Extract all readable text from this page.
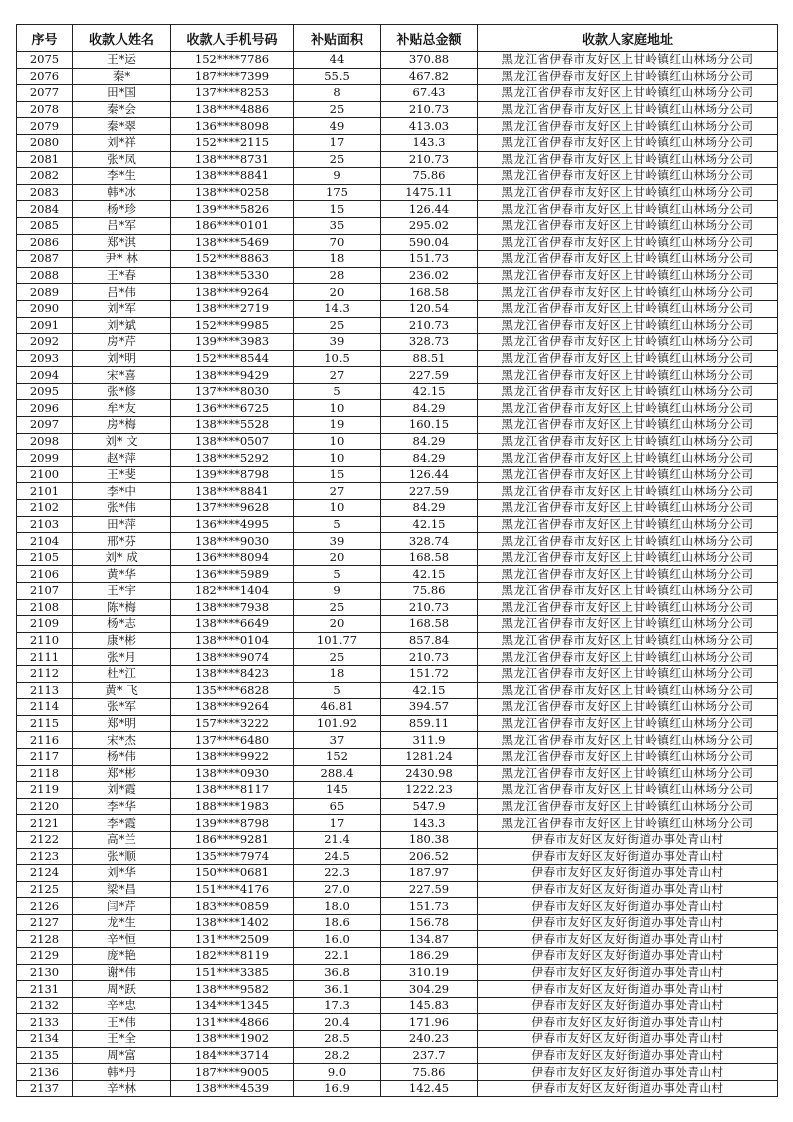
序号	收款人姓名	收款人手机号码	补贴面积	补贴总金额	收款人家庭地址
2075	王*运	152****7786	44	370.88	黑龙江省伊春市友好区上甘岭镇红山林场分公司
2076	秦*	187****7399	55.5	467.82	黑龙江省伊春市友好区上甘岭镇红山林场分公司
2077	田*国	137****8253	8	67.43	黑龙江省伊春市友好区上甘岭镇红山林场分公司
2078	秦*会	138****4886	25	210.73	黑龙江省伊春市友好区上甘岭镇红山林场分公司
2079	秦*翠	136****8098	49	413.03	黑龙江省伊春市友好区上甘岭镇红山林场分公司
2080	刘*祥	152****2115	17	143.3	黑龙江省伊春市友好区上甘岭镇红山林场分公司
2081	张*凤	138****8731	25	210.73	黑龙江省伊春市友好区上甘岭镇红山林场分公司
2082	李*生	138****8841	9	75.86	黑龙江省伊春市友好区上甘岭镇红山林场分公司
2083	韩*冰	138****0258	175	1475.11	黑龙江省伊春市友好区上甘岭镇红山林场分公司
2084	杨*珍	139****5826	15	126.44	黑龙江省伊春市友好区上甘岭镇红山林场分公司
2085	吕*军	186****0101	35	295.02	黑龙江省伊春市友好区上甘岭镇红山林场分公司
2086	郑*淇	138****5469	70	590.04	黑龙江省伊春市友好区上甘岭镇红山林场分公司
2087	尹* 林	152****8863	18	151.73	黑龙江省伊春市友好区上甘岭镇红山林场分公司
2088	王*春	138****5330	28	236.02	黑龙江省伊春市友好区上甘岭镇红山林场分公司
2089	吕*伟	138****9264	20	168.58	黑龙江省伊春市友好区上甘岭镇红山林场分公司
2090	刘*军	138****2719	14.3	120.54	黑龙江省伊春市友好区上甘岭镇红山林场分公司
2091	刘*斌	152****9985	25	210.73	黑龙江省伊春市友好区上甘岭镇红山林场分公司
2092	房*芹	139****3983	39	328.73	黑龙江省伊春市友好区上甘岭镇红山林场分公司
2093	刘*明	152****8544	10.5	88.51	黑龙江省伊春市友好区上甘岭镇红山林场分公司
2094	宋*喜	138****9429	27	227.59	黑龙江省伊春市友好区上甘岭镇红山林场分公司
2095	张*修	137****8030	5	42.15	黑龙江省伊春市友好区上甘岭镇红山林场分公司
2096	牟*友	136****6725	10	84.29	黑龙江省伊春市友好区上甘岭镇红山林场分公司
2097	房*梅	138****5528	19	160.15	黑龙江省伊春市友好区上甘岭镇红山林场分公司
2098	刘* 文	138****0507	10	84.29	黑龙江省伊春市友好区上甘岭镇红山林场分公司
2099	赵*萍	138****5292	10	84.29	黑龙江省伊春市友好区上甘岭镇红山林场分公司
2100	王*斐	139****8798	15	126.44	黑龙江省伊春市友好区上甘岭镇红山林场分公司
2101	李*中	138****8841	27	227.59	黑龙江省伊春市友好区上甘岭镇红山林场分公司
2102	张*伟	137****9628	10	84.29	黑龙江省伊春市友好区上甘岭镇红山林场分公司
2103	田*萍	136****4995	5	42.15	黑龙江省伊春市友好区上甘岭镇红山林场分公司
2104	邢*芬	138****9030	39	328.74	黑龙江省伊春市友好区上甘岭镇红山林场分公司
2105	刘* 成	136****8094	20	168.58	黑龙江省伊春市友好区上甘岭镇红山林场分公司
2106	黄*华	136****5989	5	42.15	黑龙江省伊春市友好区上甘岭镇红山林场分公司
2107	王*宇	182****1404	9	75.86	黑龙江省伊春市友好区上甘岭镇红山林场分公司
2108	陈*梅	138****7938	25	210.73	黑龙江省伊春市友好区上甘岭镇红山林场分公司
2109	杨*志	138****6649	20	168.58	黑龙江省伊春市友好区上甘岭镇红山林场分公司
2110	康*彬	138****0104	101.77	857.84	黑龙江省伊春市友好区上甘岭镇红山林场分公司
2111	张*月	138****9074	25	210.73	黑龙江省伊春市友好区上甘岭镇红山林场分公司
2112	杜*江	138****8423	18	151.72	黑龙江省伊春市友好区上甘岭镇红山林场分公司
2113	黄* 飞	135****6828	5	42.15	黑龙江省伊春市友好区上甘岭镇红山林场分公司
2114	张*军	138****9264	46.81	394.57	黑龙江省伊春市友好区上甘岭镇红山林场分公司
2115	郑*明	157****3222	101.92	859.11	黑龙江省伊春市友好区上甘岭镇红山林场分公司
2116	宋*杰	137****6480	37	311.9	黑龙江省伊春市友好区上甘岭镇红山林场分公司
2117	杨*伟	138****9922	152	1281.24	黑龙江省伊春市友好区上甘岭镇红山林场分公司
2118	郑*彬	138****0930	288.4	2430.98	黑龙江省伊春市友好区上甘岭镇红山林场分公司
2119	刘*霞	138****8117	145	1222.23	黑龙江省伊春市友好区上甘岭镇红山林场分公司
2120	李*华	188****1983	65	547.9	黑龙江省伊春市友好区上甘岭镇红山林场分公司
2121	李*霞	139****8798	17	143.3	黑龙江省伊春市友好区上甘岭镇红山林场分公司
2122	高*兰	186****9281	21.4	180.38	伊春市友好区友好街道办事处青山村
2123	张*顺	135****7974	24.5	206.52	伊春市友好区友好街道办事处青山村
2124	刘*华	150****0681	22.3	187.97	伊春市友好区友好街道办事处青山村
2125	梁*昌	151****4176	27.0	227.59	伊春市友好区友好街道办事处青山村
2126	闫*芹	183****0859	18.0	151.73	伊春市友好区友好街道办事处青山村
2127	龙*生	138****1402	18.6	156.78	伊春市友好区友好街道办事处青山村
2128	辛*恒	131****2509	16.0	134.87	伊春市友好区友好街道办事处青山村
2129	庞*艳	182****8119	22.1	186.29	伊春市友好区友好街道办事处青山村
2130	谢*伟	151****3385	36.8	310.19	伊春市友好区友好街道办事处青山村
2131	周*跃	138****9582	36.1	304.29	伊春市友好区友好街道办事处青山村
2132	辛*忠	134****1345	17.3	145.83	伊春市友好区友好街道办事处青山村
2133	王*伟	131****4866	20.4	171.96	伊春市友好区友好街道办事处青山村
2134	王*全	138****1902	28.5	240.23	伊春市友好区友好街道办事处青山村
2135	周*富	184****3714	28.2	237.7	伊春市友好区友好街道办事处青山村
2136	韩*丹	187****9005	9.0	75.86	伊春市友好区友好街道办事处青山村
2137	辛*林	138****4539	16.9	142.45	伊春市友好区友好街道办事处青山村
